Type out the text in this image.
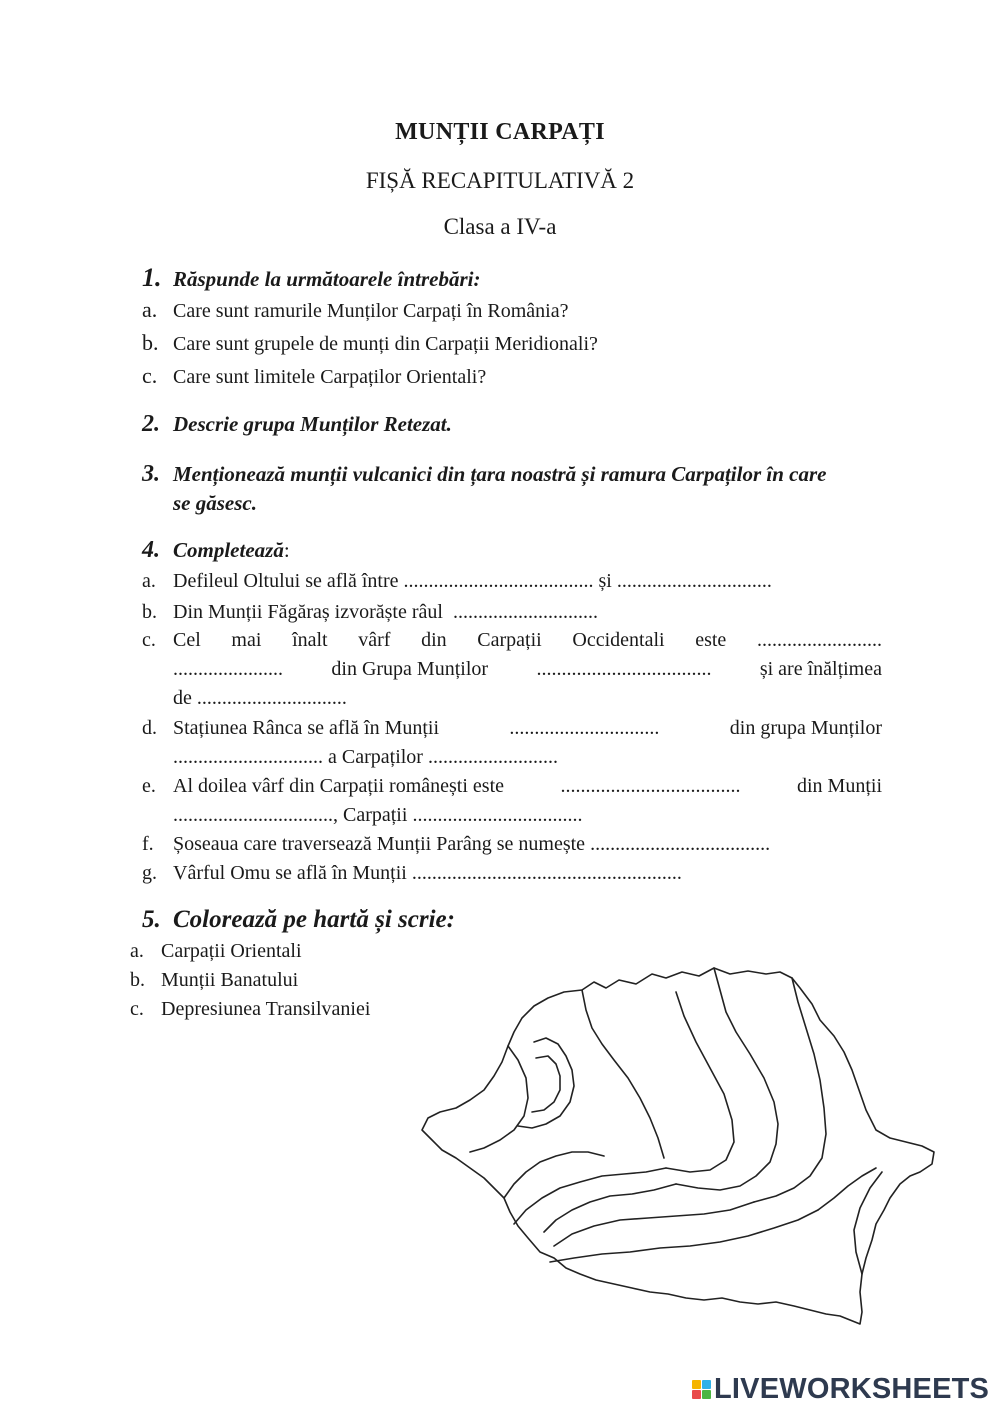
MUNȚII CARPAȚI
FIȘĂ RECAPITULATIVĂ 2
Clasa a IV-a
1. Răspunde la următoarele întrebări:
a. Care sunt ramurile Munților Carpați în România?
b. Care sunt grupele de munți din Carpații Meridionali?
c. Care sunt limitele Carpaților Orientali?
2. Descrie grupa Munților Retezat.
3. Menționează munții vulcanici din țara noastră și ramura Carpaților în care
se găsesc.
4. Completează:
a. Defileul Oltului se află între ...................................... și ...............................
b. Din Munții Făgăraș izvorăște râul .............................
c. Cel mai înalt vârf din Carpații Occidentali este .........................
...................... din Grupa Munților ................................... și are înălțimea
de ..............................
d. Stațiunea Rânca se află în Munții	..............................	din grupa Munților
.............................. a Carpaților ..........................
e. Al doilea vârf din Carpații românești este	....................................	din Munții
................................, Carpații ..................................
f. Șoseaua care traversează Munții Parâng se numește ....................................
g. Vârful Omu se află în Munții ......................................................
5. Colorează pe hartă și scrie:
a. Carpații Orientali
b. Munții Banatului
c. Depresiunea Transilvaniei
LIVEWORKSHEETS
